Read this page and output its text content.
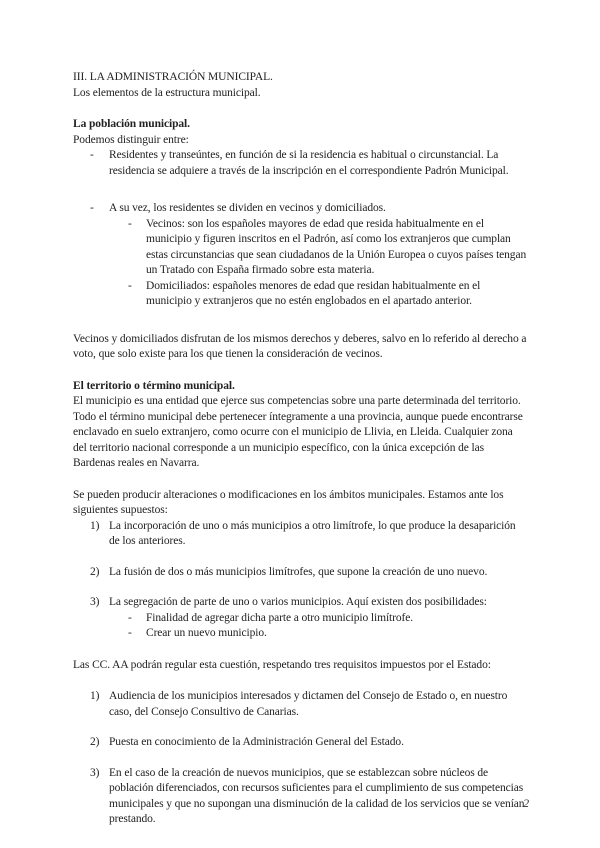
III. LA ADMINISTRACIÓN MUNICIPAL.

Los elementos de la estructura municipal.

La población municipal.

Podemos distinguir entre:

- Residentes y transeúntes, en función de si la residencia es habitual o circunstancial. La residencia se adquiere a través de la inscripción en el correspondiente Padrón Municipal.
- A su vez, los residentes se dividen en vecinos y domiciliados.
- Vecinos: son los españoles mayores de edad que resida habitualmente en el municipio y figuren inscritos en el Padrón, así como los extranjeros que cumplan estas circunstancias que sean ciudadanos de la Unión Europea o cuyos países tengan un Tratado con España firmado sobre esta materia.
- Domiciliados: españoles menores de edad que residan habitualmente en el municipio y extranjeros que no estén englobados en el apartado anterior.

Vecinos y domiciliados disfrutan de los mismos derechos y deberes, salvo en lo referido al derecho a voto, que solo existe para los que tienen la consideración de vecinos.

El territorio o término municipal.

El municipio es una entidad que ejerce sus competencias sobre una parte determinada del territorio. Todo el término municipal debe pertenecer íntegramente a una provincia, aunque puede encontrarse enclavado en suelo extranjero, como ocurre con el municipio de Llivia, en Lleida. Cualquier zona del territorio nacional corresponde a un municipio específico, con la única excepción de las Bardenas reales en Navarra.

Se pueden producir alteraciones o modificaciones en los ámbitos municipales. Estamos ante los siguientes supuestos:

1) La incorporación de uno o más municipios a otro limítrofe, lo que produce la desaparición de los anteriores.
2) La fusión de dos o más municipios limítrofes, que supone la creación de uno nuevo.
3) La segregación de parte de uno o varios municipios. Aquí existen dos posibilidades:
- Finalidad de agregar dicha parte a otro municipio limítrofe.
- Crear un nuevo municipio.

Las CC. AA podrán regular esta cuestión, respetando tres requisitos impuestos por el Estado:

1) Audiencia de los municipios interesados y dictamen del Consejo de Estado o, en nuestro caso, del Consejo Consultivo de Canarias.
2) Puesta en conocimiento de la Administración General del Estado.
3) En el caso de la creación de nuevos municipios, que se establezcan sobre núcleos de población diferenciados, con recursos suficientes para el cumplimiento de sus competencias municipales y que no supongan una disminución de la calidad de los servicios que se venían prestando.
2
